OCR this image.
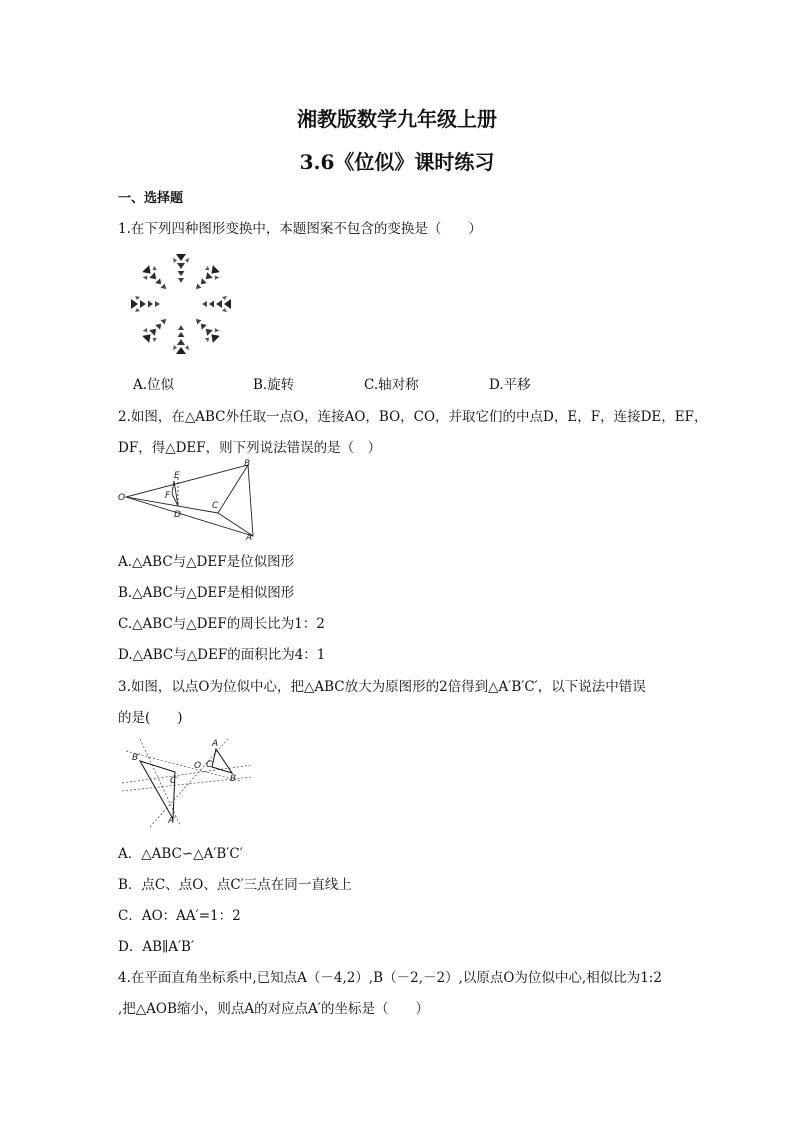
湘教版数学九年级上册
3.6《位似》课时练习
一、选择题
1.在下列四种图形变换中，本题图案不包含的变换是（　　）
A.位似	B.旋转	C.轴对称	D.平移
2.如图，在△ABC外任取一点O，连接AO，BO，CO，并取它们的中点D，E，F，连接DE，EF，
DF，得△DEF，则下列说法错误的是（　）
O
E
F
D
B
C
A
A.△ABC与△DEF是位似图形
B.△ABC与△DEF是相似图形
C.△ABC与△DEF的周长比为1：2
D.△ABC与△DEF的面积比为4：1
3.如图，以点O为位似中心，把△ABC放大为原图形的2倍得到△A′B′C′，以下说法中错误
的是(　　)
B′
C′
A′
O C
A
B
A．△ABC∽△A′B′C′
B．点C、点O、点C′三点在同一直线上
C．AO：AA′=1：2
D．AB∥A′B′
4.在平面直角坐标系中,已知点A（－4,2）,B（－2,－2）,以原点O为位似中心,相似比为1:2
,把△AOB缩小，则点A的对应点A′的坐标是（　　）
